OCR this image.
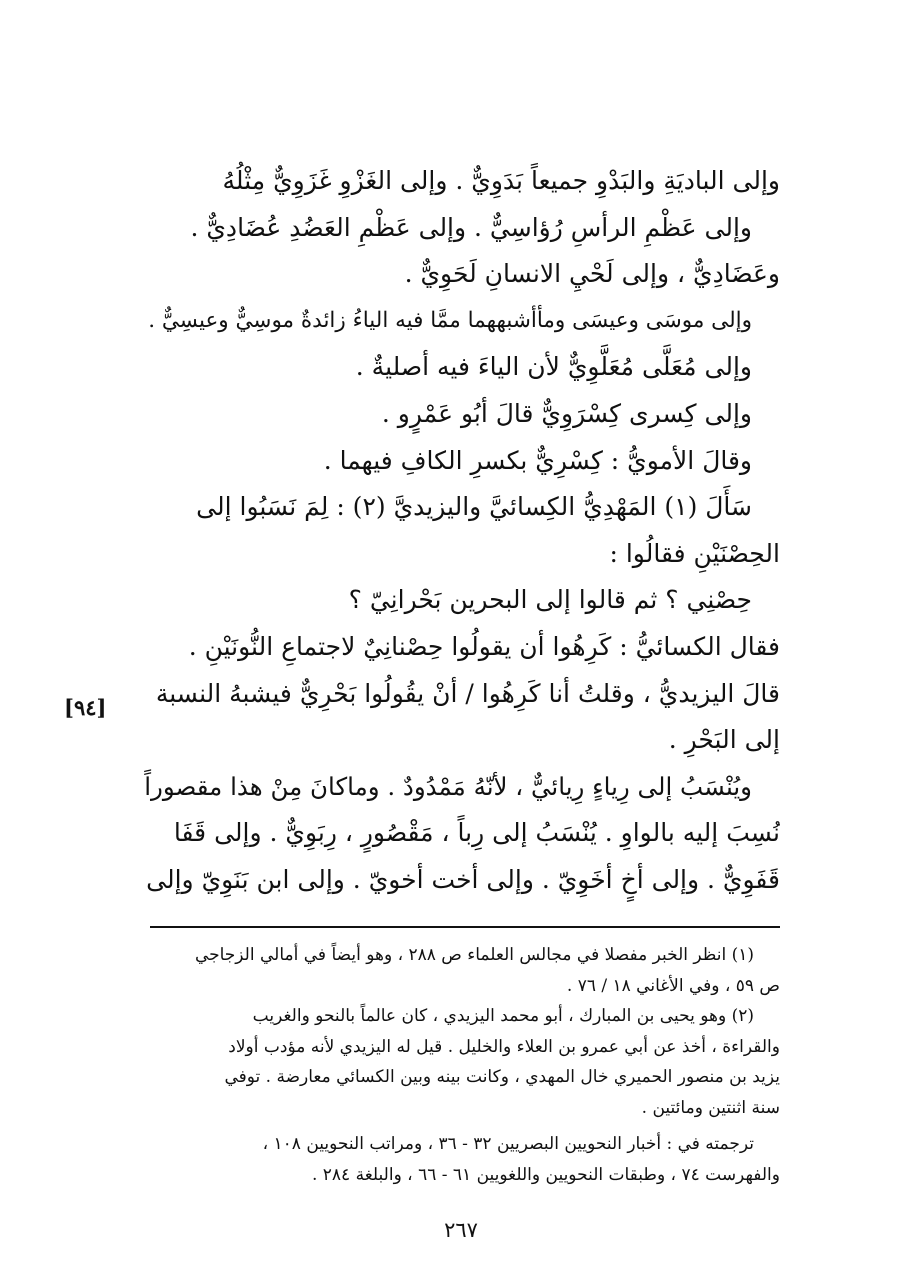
وإلى الباديَةِ والبَدْوِ جميعاً بَدَوِيٌّ . وإلى الغَزْوِ غَزَوِيٌّ مِثْلُهُ
وإلى عَظْمِ الرأسِ رُؤاسِيٌّ . وإلى عَظْمِ العَضُدِ عُضَادِيٌّ .
وعَضَادِيٌّ ، وإلى لَحْيِ الانسانِ لَحَوِيٌّ .
وإلى موسَى وعيسَى ومأأشبههما ممَّا فيه الياءُ زائدةٌ موسِيٌّ وعيسِيٌّ .
وإلى مُعَلَّى مُعَلَّوِيٌّ لأن الياءَ فيه أصليةٌ .
وإلى كِسرى كِسْرَوِيٌّ قالَ أبُو عَمْرٍو .
وقالَ الأمويُّ : كِسْرِيٌّ بكسرِ الكافِ فيهما .
سَأَلَ (١) المَهْدِيُّ الكِسائيَّ واليزيديَّ (٢) : لِمَ نَسَبُوا إلى
الحِصْنَيْنِ فقالُوا :
حِصْنِي ؟ ثم قالوا إلى البحرين بَحْرانِيّ ؟
فقال الكسائيُّ : كَرِهُوا أن يقولُوا حِصْنانِيٌ لاجتماعِ النُّونَيْنِ .
قالَ اليزيديُّ ، وقلتُ أنا كَرِهُوا / أنْ يقُولُوا بَحْرِيٌّ فيشبهُ النسبة
إلى البَحْرِ .
ويُنْسَبُ إلى رِياءٍ رِيائيٌّ ، لأنّهُ مَمْدُودٌ . وماكانَ مِنْ هذا مقصوراً
نُسِبَ إليه بالواوِ . يُنْسَبُ إلى رِباً ، مَقْصُورٍ ، رِبَوِيٌّ . وإلى قَفَا
قَفَوِيٌّ . وإلى أخٍ أخَوِيّ . وإلى أخت أخويّ . وإلى ابن بَنَوِيّ وإلى
[٩٤]
(١) انظر الخبر مفصلا في مجالس العلماء ص ٢٨٨ ، وهو أيضاً في أمالي الزجاجي
ص ٥٩ ، وفي الأغاني ١٨ / ٧٦ .
(٢) وهو يحيى بن المبارك ، أبو محمد اليزيدي ، كان عالماً بالنحو والغريب
والقراءة ، أخذ عن أبي عمرو بن العلاء والخليل . قيل له اليزيدي لأنه مؤدب أولاد
يزيد بن منصور الحميري خال المهدي ، وكانت بينه وبين الكسائي معارضة . توفي
سنة اثنتين ومائتين .
ترجمته في : أخبار النحويين البصريين ٣٢ - ٣٦ ، ومراتب النحويين ١٠٨ ،
والفهرست ٧٤ ، وطبقات النحويين واللغويين ٦١ - ٦٦ ، والبلغة ٢٨٤ .
٢٦٧
